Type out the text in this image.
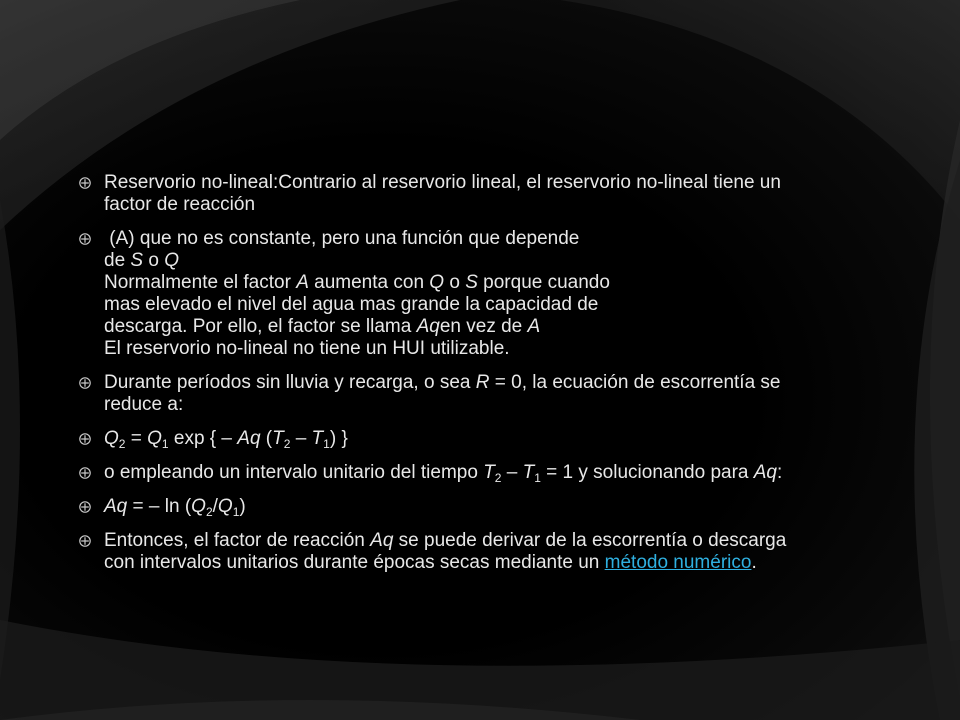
Reservorio no-lineal:Contrario al reservorio lineal, el reservorio no-lineal tiene un factor de reacción
(A) que no es constante, pero una función que depende
de S o Q
Normalmente el factor A aumenta con Q o S porque cuando
mas elevado el nivel del agua mas grande la capacidad de
descarga. Por ello, el factor se llama Aqen vez de A
El reservorio no-lineal no tiene un HUI utilizable.
Durante períodos sin lluvia y recarga, o sea R = 0, la ecuación de escorrentía se reduce a:
$Q_2 = Q_1$ exp { – Aq $(T_2 - T_1)$ }
o empleando un intervalo unitario del tiempo $T_2 - T_1 = 1$ y solucionando para Aq:
Aq = – $\ln (Q_2/Q_1)$
Entonces, el factor de reacción Aq se puede derivar de la escorrentía o descarga con intervalos unitarios durante épocas secas mediante un método numérico.
